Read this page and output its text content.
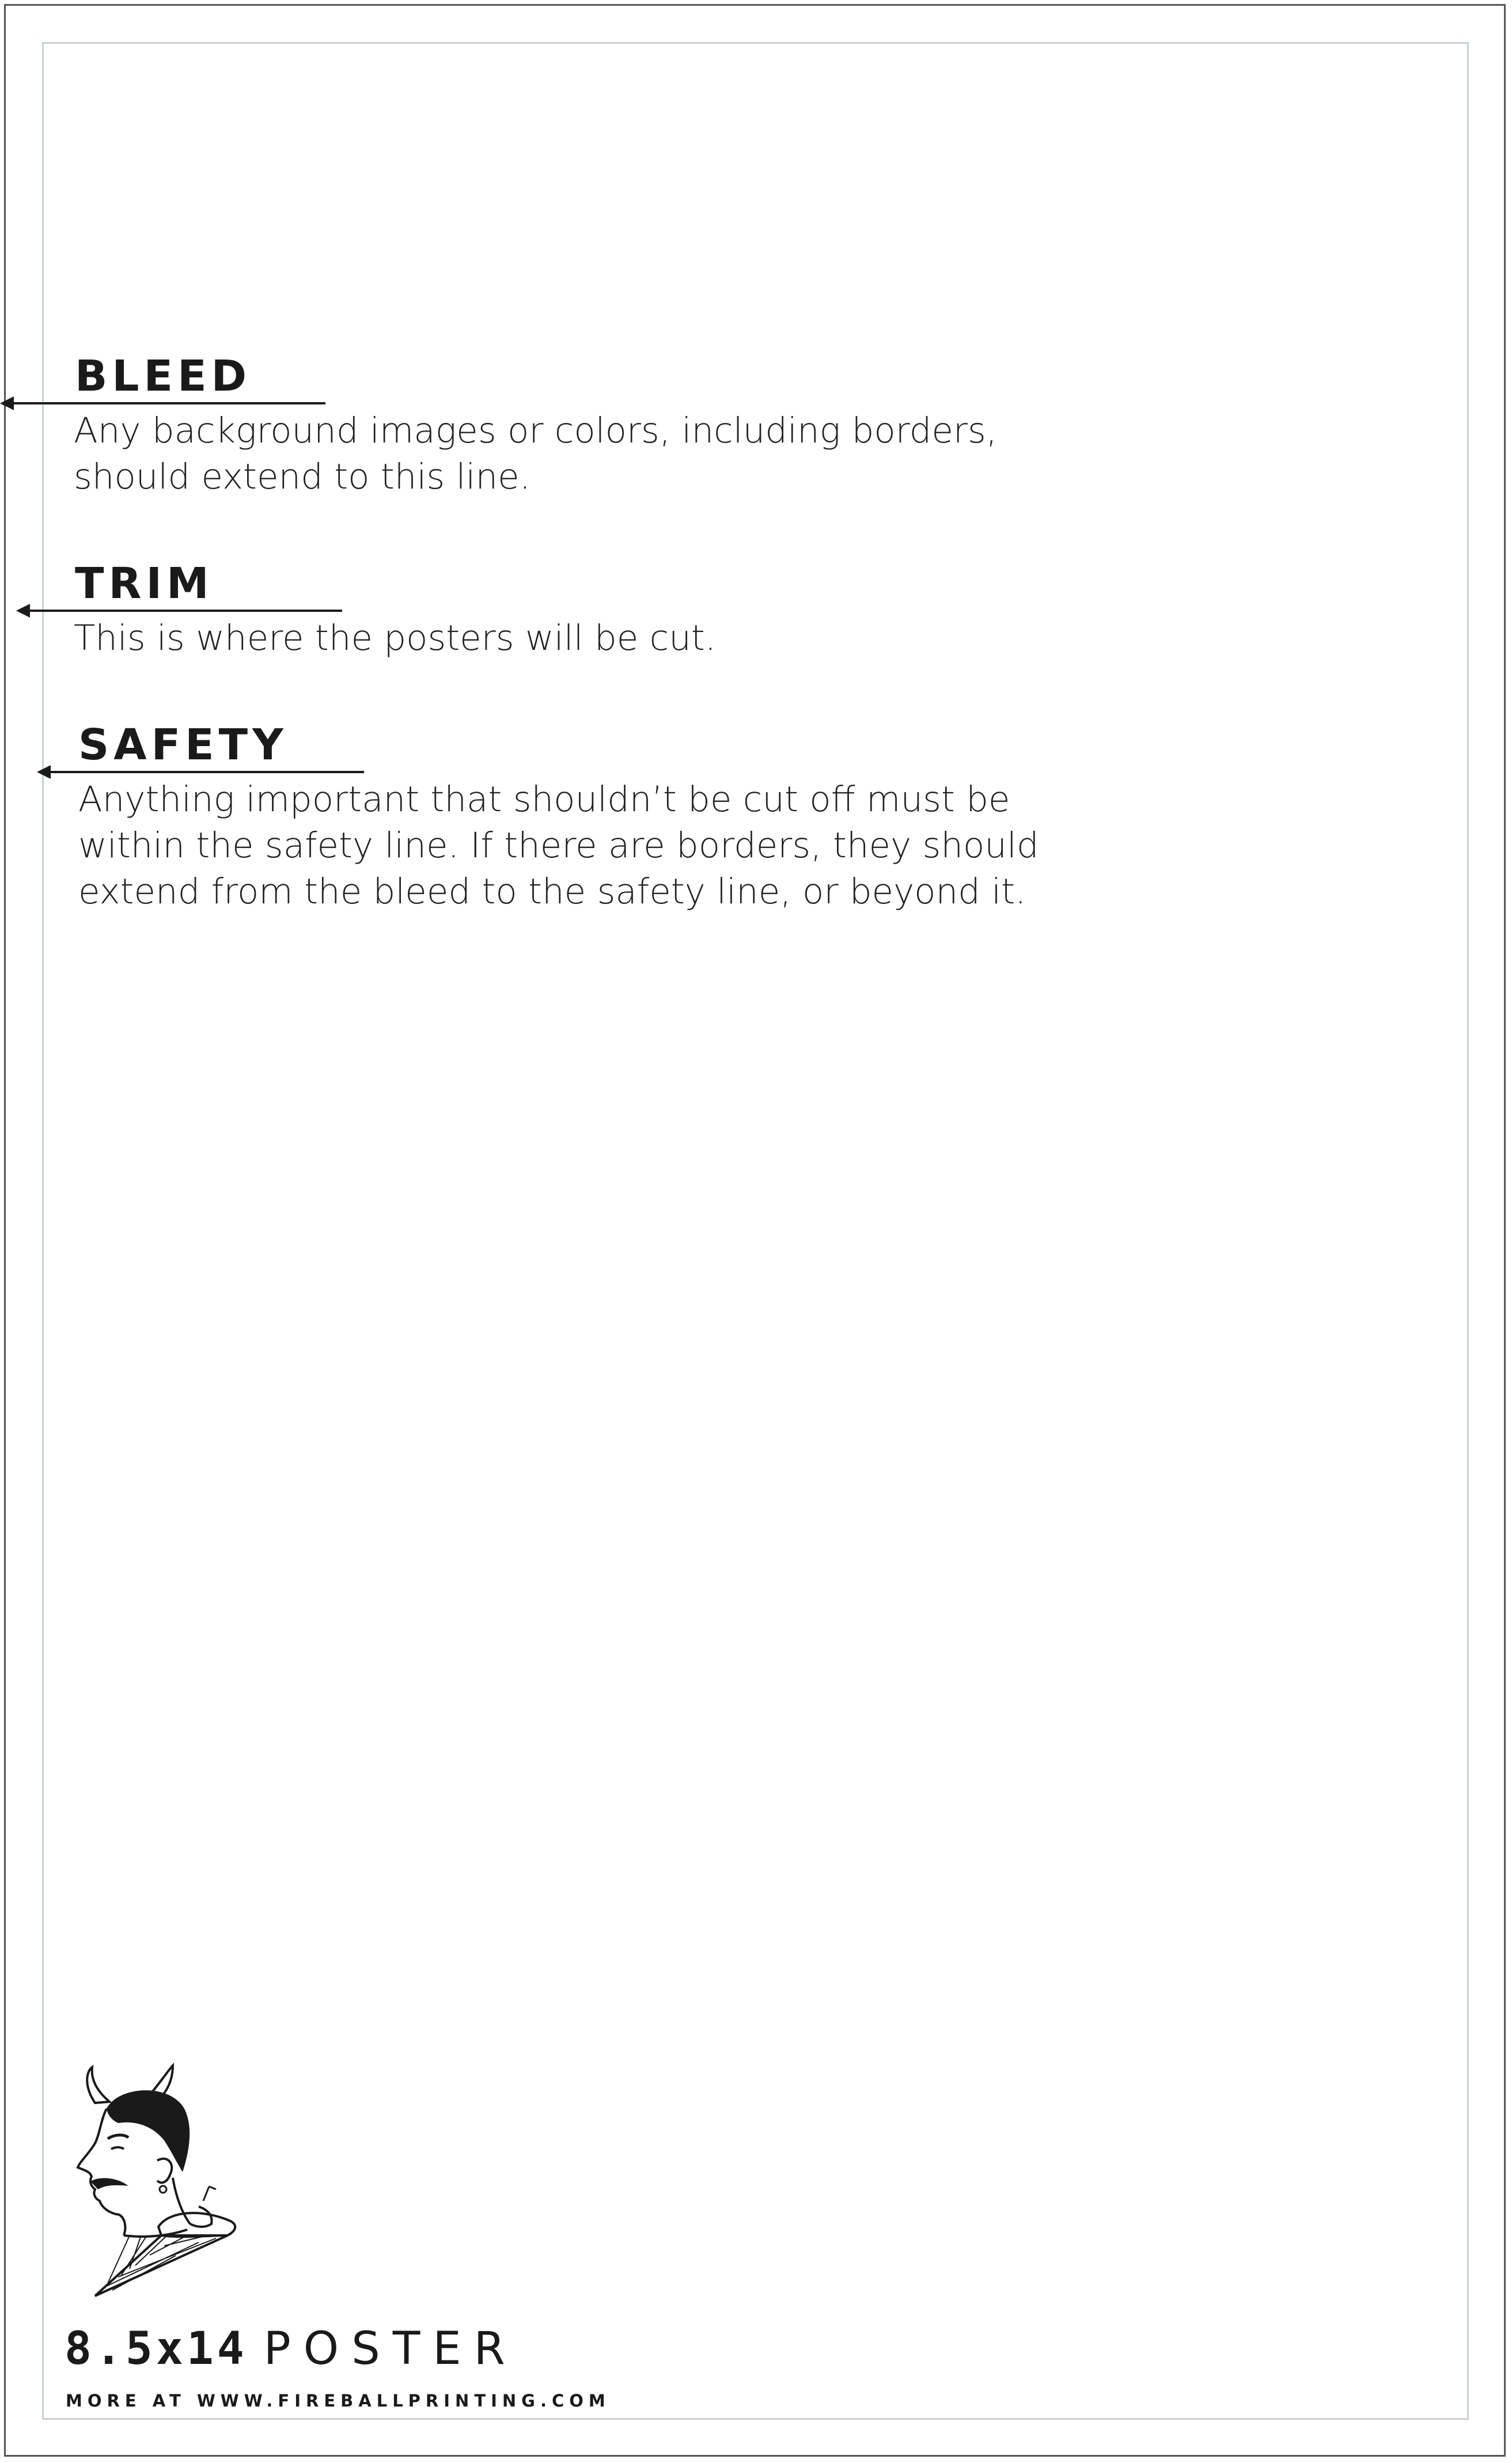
BLEED

Any background images or colors, including borders,
should extend to this line.

TRIM

This is where the posters will be cut.

SAFETY

Anything important that shouldn’t be cut off must be
within the safety line. If there are borders, they should
extend from the bleed to the safety line, or beyond it.

8.5x14 POSTER
MORE AT WWW.FIREBALLPRINTING.COM
